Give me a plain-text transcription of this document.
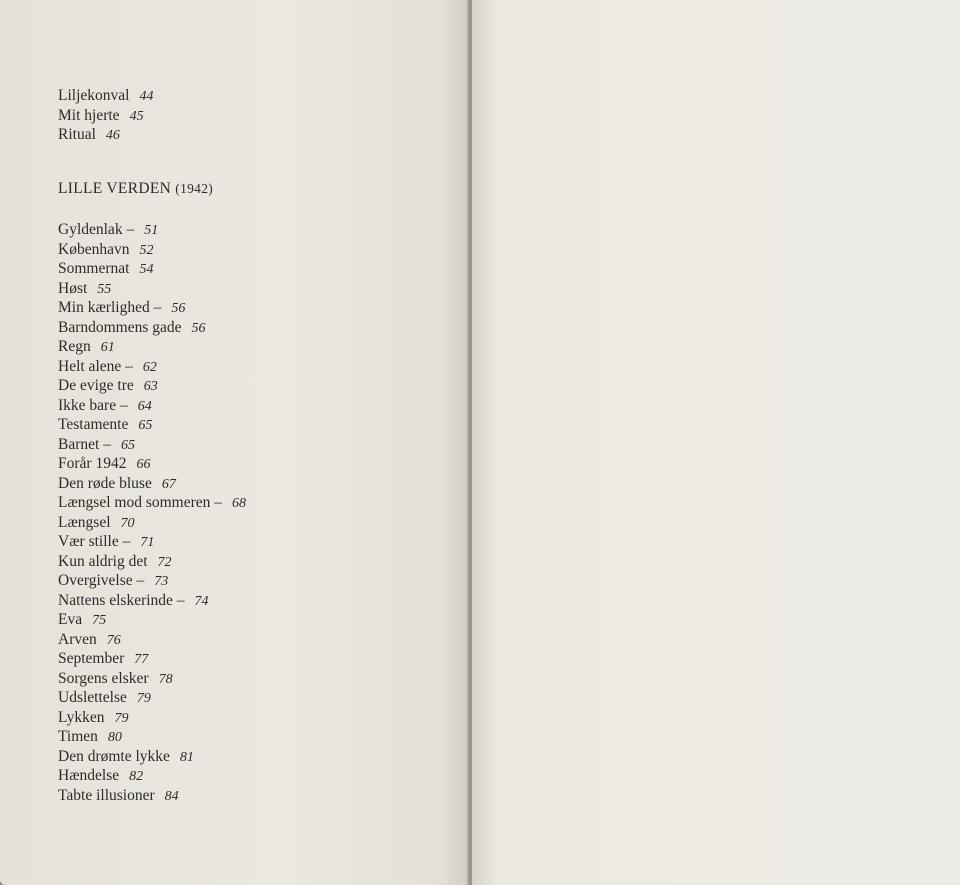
Liljekonval 44
Mit hjerte 45
Ritual 46
LILLE VERDEN (1942)
Gyldenlak – 51
København 52
Sommernat 54
Høst 55
Min kærlighed – 56
Barndommens gade 56
Regn 61
Helt alene – 62
De evige tre 63
Ikke bare – 64
Testamente 65
Barnet – 65
Forår 1942 66
Den røde bluse 67
Længsel mod sommeren – 68
Længsel 70
Vær stille – 71
Kun aldrig det 72
Overgivelse – 73
Nattens elskerinde – 74
Eva 75
Arven 76
September 77
Sorgens elsker 78
Udslettelse 79
Lykken 79
Timen 80
Den drømte lykke 81
Hændelse 82
Tabte illusioner 84
